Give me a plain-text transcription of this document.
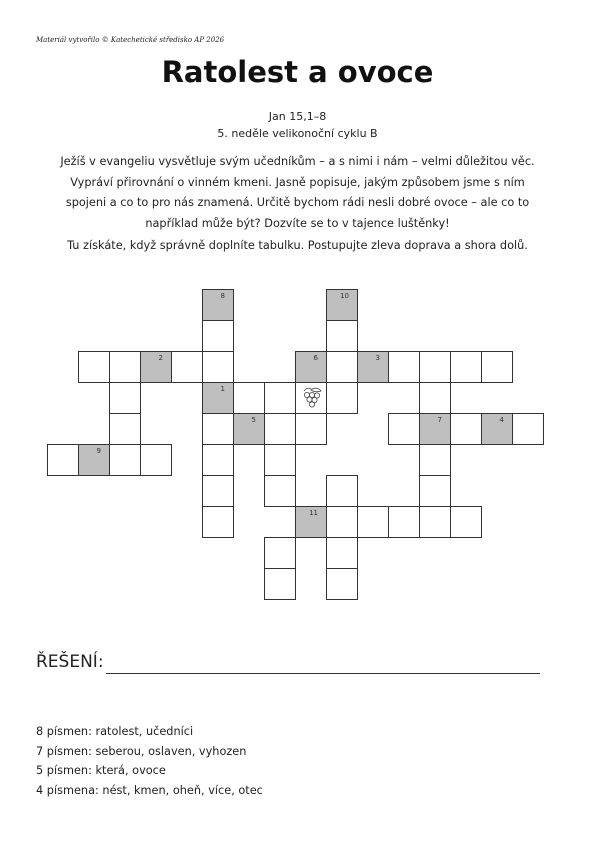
Materiál vytvořilo © Katechetické středisko AP 2026
Ratolest a ovoce
Jan 15,1–8
5. neděle velikonoční cyklu B
Ježíš v evangeliu vysvětluje svým učedníkům – a s nimi i nám – velmi důležitou věc.
Vypráví přirovnání o vinném kmeni. Jasně popisuje, jakým způsobem jsme s ním
spojeni a co to pro nás znamená. Určitě bychom rádi nesli dobré ovoce – ale co to
například může být? Dozvíte se to v tajence luštěnky!
Tu získáte, když správně doplníte tabulku. Postupujte zleva doprava a shora dolů.
8	10
2	6	3
1
5	7	4
9
11
ŘEŠENÍ:
8 písmen: ratolest, učedníci
7 písmen: seberou, oslaven, vyhozen
5 písmen: která, ovoce
4 písmena: nést, kmen, oheň, více, otec
